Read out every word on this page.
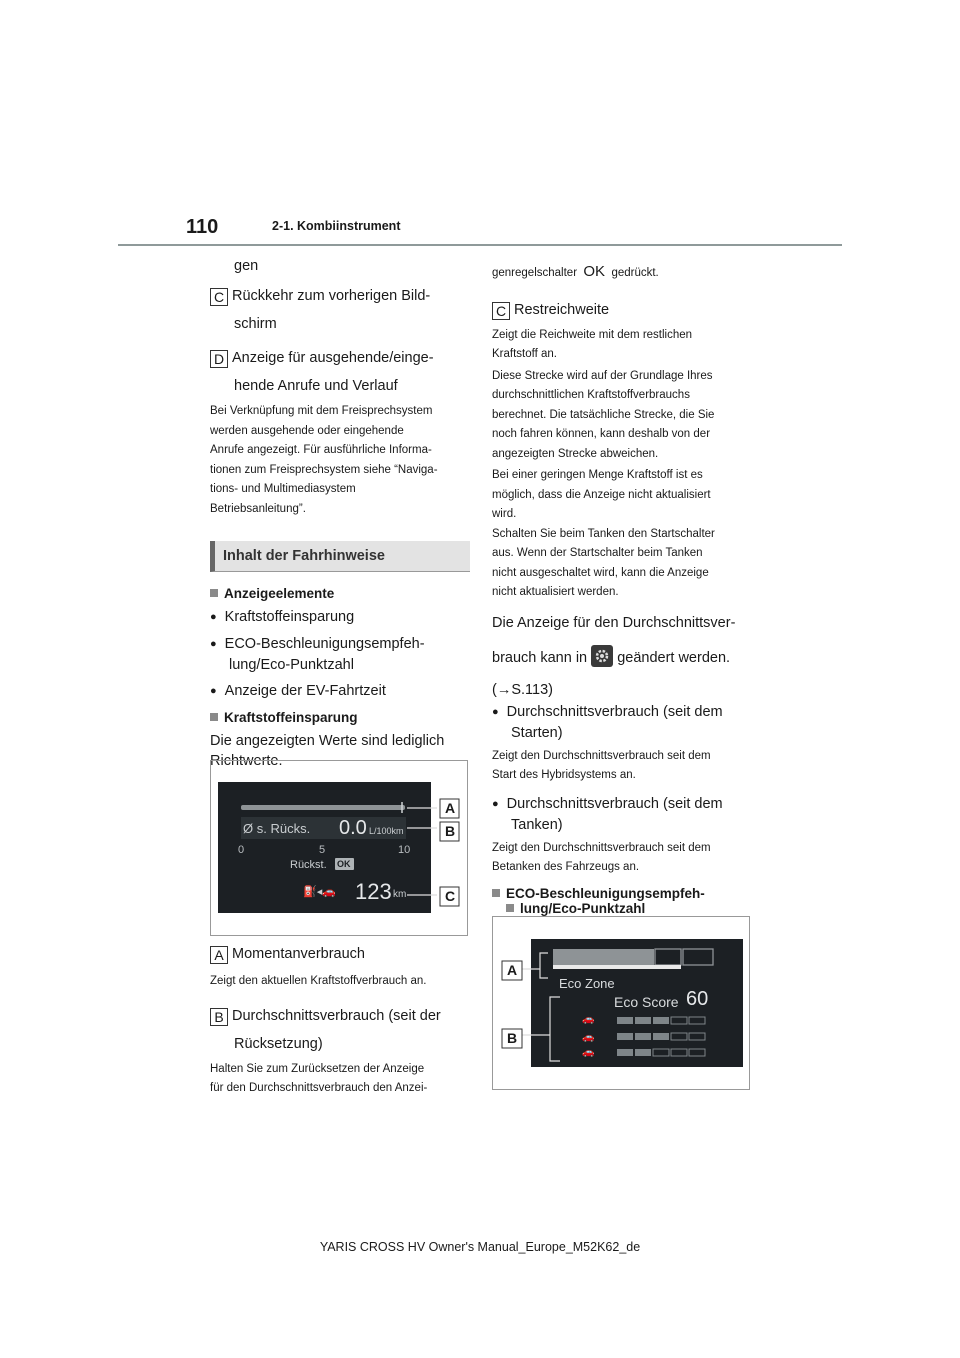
110	2-1. Kombiinstrument

gen

C Rückkehr zum vorherigen Bild-

schirm

D Anzeige für ausgehende/einge-

hende Anrufe und Verlauf

Bei Verknüpfung mit dem Freisprechsystem
werden ausgehende oder eingehende
Anrufe angezeigt. Für ausführliche Informa-
tionen zum Freisprechsystem siehe “Naviga-
tions- und Multimediasystem
Betriebsanleitung”.
Inhalt der Fahrhinweise

Anzeigeelemente

● Kraftstoffeinsparung

● ECO-Beschleunigungsempfeh-

lung/Eco-Punktzahl

● Anzeige der EV-Fahrtzeit

Kraftstoffeinsparung

Die angezeigten Werte sind lediglich

Richtwerte.

Ø s. Rücks. 0.0 L/100km
0	5	10
Rückst. OK
⛽◂🚗 123 km
A
B
C

A Momentanverbrauch

Zeigt den aktuellen Kraftstoffverbrauch an.

B Durchschnittsverbrauch (seit der

Rücksetzung)

Halten Sie zum Zurücksetzen der Anzeige

für den Durchschnittsverbrauch den Anzei-

genregelschalter OK gedrückt.

C Restreichweite

Zeigt die Reichweite mit dem restlichen
Kraftstoff an.
Diese Strecke wird auf der Grundlage Ihres
durchschnittlichen Kraftstoffverbrauchs
berechnet. Die tatsächliche Strecke, die Sie
noch fahren können, kann deshalb von der
angezeigten Strecke abweichen.
Bei einer geringen Menge Kraftstoff ist es
möglich, dass die Anzeige nicht aktualisiert
wird.
Schalten Sie beim Tanken den Startschalter
aus. Wenn der Startschalter beim Tanken
nicht ausgeschaltet wird, kann die Anzeige
nicht aktualisiert werden.

Die Anzeige für den Durchschnittsver-

brauch kann in geändert werden.

(→S.113)

● Durchschnittsverbrauch (seit dem

Starten)

Zeigt den Durchschnittsverbrauch seit dem
Start des Hybridsystems an.

● Durchschnittsverbrauch (seit dem

Tanken)

Zeigt den Durchschnittsverbrauch seit dem
Betanken des Fahrzeugs an.

ECO-Beschleunigungsempfeh-

lung/Eco-Punktzahl

Eco Zone
Eco Score 60
🚗
🚗
🚗
A
B
YARIS CROSS HV Owner's Manual_Europe_M52K62_de
